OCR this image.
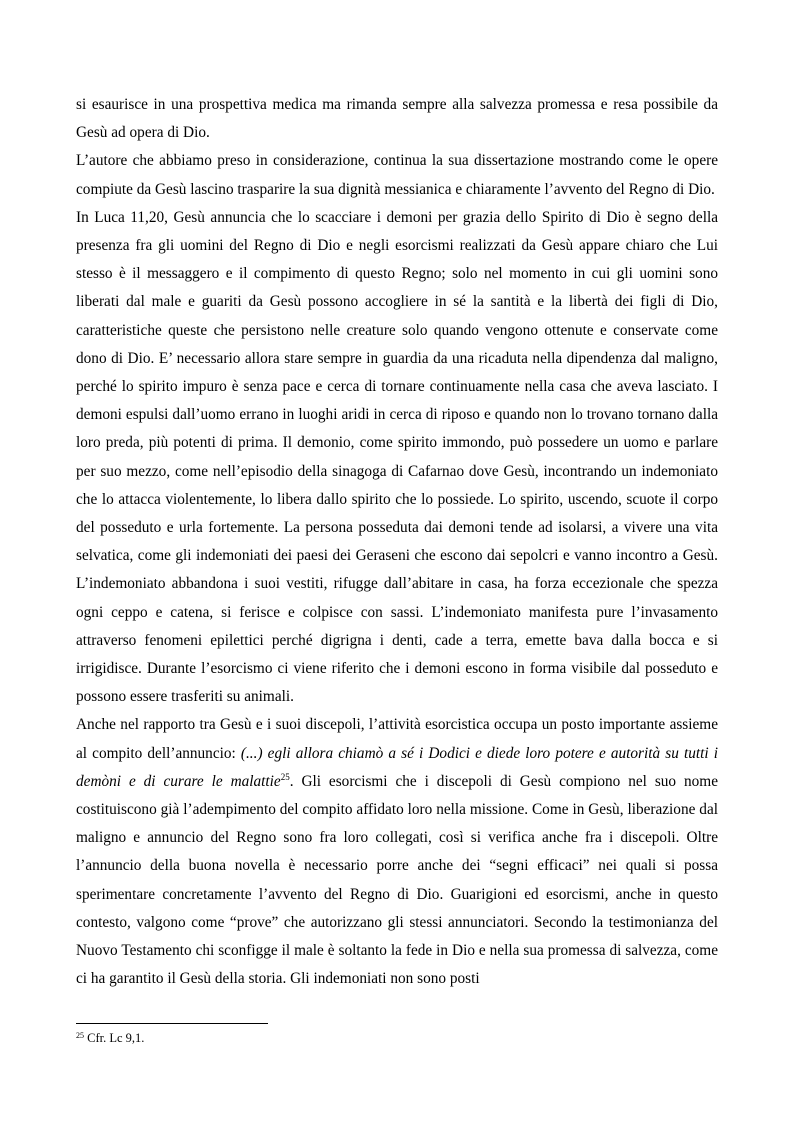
si esaurisce in una prospettiva medica ma rimanda sempre alla salvezza promessa e resa possibile da Gesù ad opera di Dio.

L’autore che abbiamo preso in considerazione, continua la sua dissertazione mostrando come le opere compiute da Gesù lascino trasparire la sua dignità messianica e chiaramente l’avvento del Regno di Dio.

In Luca 11,20, Gesù annuncia che lo scacciare i demoni per grazia dello Spirito di Dio è segno della presenza fra gli uomini del Regno di Dio e negli esorcismi realizzati da Gesù appare chiaro che Lui stesso è il messaggero e il compimento di questo Regno; solo nel momento in cui gli uomini sono liberati dal male e guariti da Gesù possono accogliere in sé la santità e la libertà dei figli di Dio, caratteristiche queste che persistono nelle creature solo quando vengono ottenute e conservate come dono di Dio. E’ necessario allora stare sempre in guardia da una ricaduta nella dipendenza dal maligno, perché lo spirito impuro è senza pace e cerca di tornare continuamente nella casa che aveva lasciato. I demoni espulsi dall’uomo errano in luoghi aridi in cerca di riposo e quando non lo trovano tornano dalla loro preda, più potenti di prima. Il demonio, come spirito immondo, può possedere un uomo e parlare per suo mezzo, come nell’episodio della sinagoga di Cafarnao dove Gesù, incontrando un indemoniato che lo attacca violentemente, lo libera dallo spirito che lo possiede. Lo spirito, uscendo, scuote il corpo del posseduto e urla fortemente. La persona posseduta dai demoni tende ad isolarsi, a vivere una vita selvatica, come gli indemoniati dei paesi dei Geraseni che escono dai sepolcri e vanno incontro a Gesù. L’indemoniato abbandona i suoi vestiti, rifugge dall’abitare in casa, ha forza eccezionale che spezza ogni ceppo e catena, si ferisce e colpisce con sassi. L’indemoniato manifesta pure l’invasamento attraverso fenomeni epilettici perché digrigna i denti, cade a terra, emette bava dalla bocca e si irrigidisce. Durante l’esorcismo ci viene riferito che i demoni escono in forma visibile dal posseduto e possono essere trasferiti su animali.

Anche nel rapporto tra Gesù e i suoi discepoli, l’attività esorcistica occupa un posto importante assieme al compito dell’annuncio: (...) egli allora chiamò a sé i Dodici e diede loro potere e autorità su tutti i demòni e di curare le malattie$^{25}$. Gli esorcismi che i discepoli di Gesù compiono nel suo nome costituiscono già l’adempimento del compito affidato loro nella missione. Come in Gesù, liberazione dal maligno e annuncio del Regno sono fra loro collegati, così si verifica anche fra i discepoli. Oltre l’annuncio della buona novella è necessario porre anche dei “segni efficaci” nei quali si possa sperimentare concretamente l’avvento del Regno di Dio. Guarigioni ed esorcismi, anche in questo contesto, valgono come “prove” che autorizzano gli stessi annunciatori. Secondo la testimonianza del Nuovo Testamento chi sconfigge il male è soltanto la fede in Dio e nella sua promessa di salvezza, come ci ha garantito il Gesù della storia. Gli indemoniati non sono posti

$^{25}$ Cfr. Lc 9,1.
